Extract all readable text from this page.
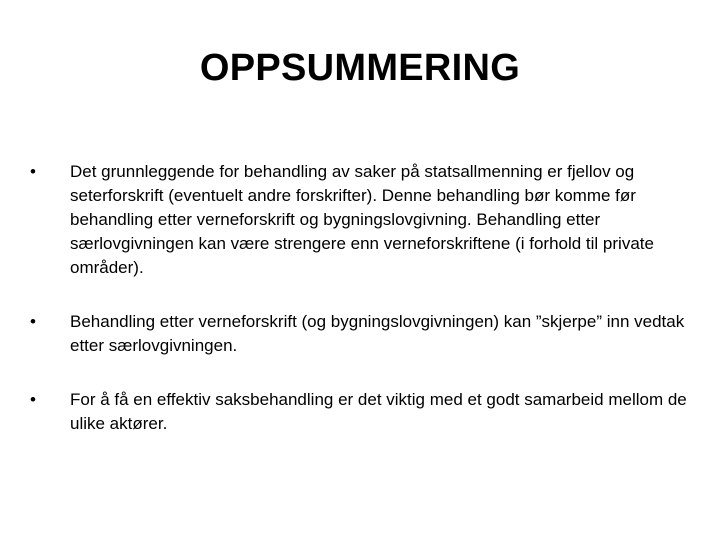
OPPSUMMERING
•	Det grunnleggende for behandling av saker på statsallmenning er fjellov og seterforskrift (eventuelt andre forskrifter). Denne behandling bør komme før behandling etter verneforskrift og bygningslovgivning. Behandling etter særlovgivningen kan være strengere enn verneforskriftene (i forhold til private områder).
•	Behandling etter verneforskrift (og bygningslovgivningen) kan ”skjerpe” inn vedtak etter særlovgivningen.
•	For å få en effektiv saksbehandling er det viktig med et godt samarbeid mellom de ulike aktører.
